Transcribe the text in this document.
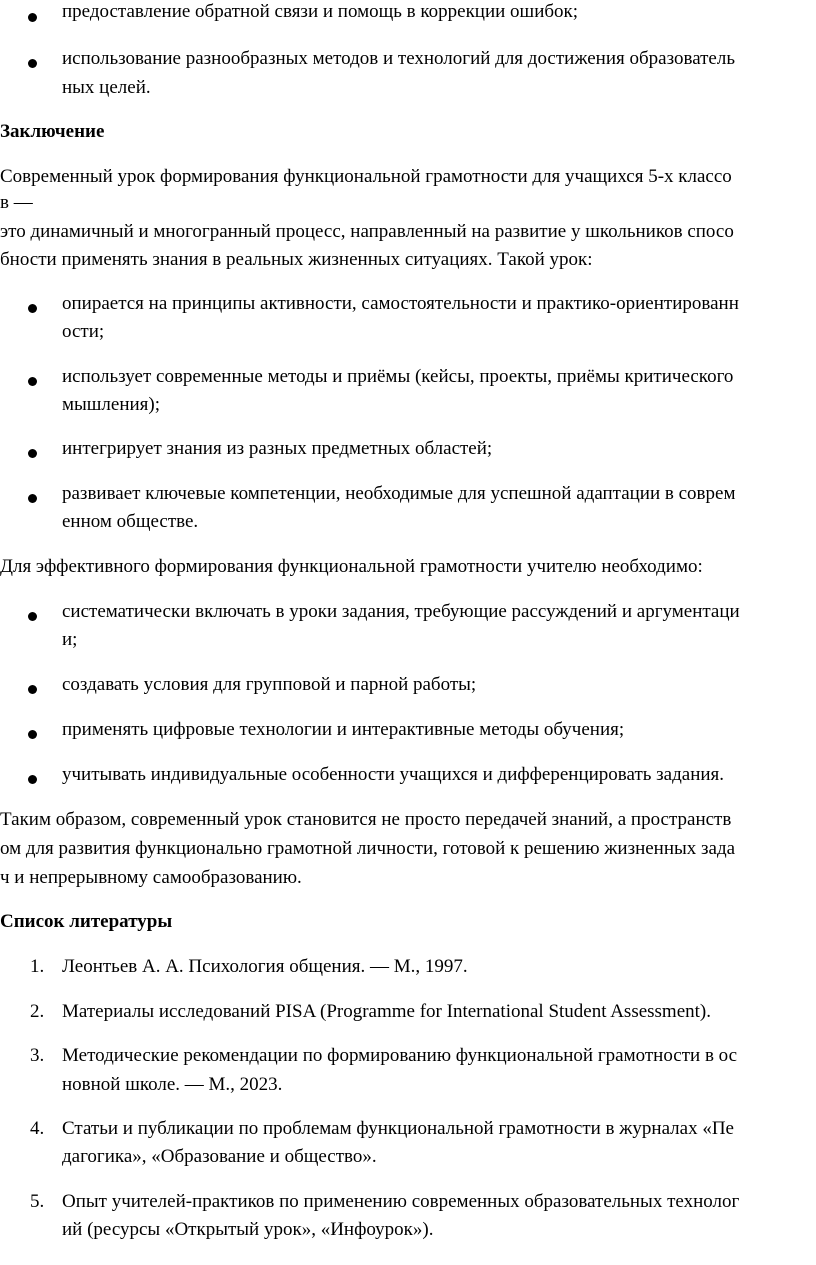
предоставление обратной связи и помощь в коррекции ошибок;
использование разнообразных методов и технологий для достижения образователь
ных целей.
Заключение
Современный урок формирования функциональной грамотности для учащихся 5-х классо
в —
это динамичный и многогранный процесс, направленный на развитие у школьников спосо
бности применять знания в реальных жизненных ситуациях. Такой урок:
опирается на принципы активности, самостоятельности и практико-ориентированн
ости;
использует современные методы и приёмы (кейсы, проекты, приёмы критического
мышления);
интегрирует знания из разных предметных областей;
развивает ключевые компетенции, необходимые для успешной адаптации в соврем
енном обществе.
Для эффективного формирования функциональной грамотности учителю необходимо:
систематически включать в уроки задания, требующие рассуждений и аргументаци
и;
создавать условия для групповой и парной работы;
применять цифровые технологии и интерактивные методы обучения;
учитывать индивидуальные особенности учащихся и дифференцировать задания.
Таким образом, современный урок становится не просто передачей знаний, а пространств
ом для развития функционально грамотной личности, готовой к решению жизненных зада
ч и непрерывному самообразованию.
Список литературы
1. Леонтьев А. А. Психология общения. — М., 1997.
2. Материалы исследований PISA (Programme for International Student Assessment).
3. Методические рекомендации по формированию функциональной грамотности в ос
новной школе. — М., 2023.
4. Статьи и публикации по проблемам функциональной грамотности в журналах «Пе
дагогика», «Образование и общество».
5. Опыт учителей-практиков по применению современных образовательных технолог
ий (ресурсы «Открытый урок», «Инфоурок»).
